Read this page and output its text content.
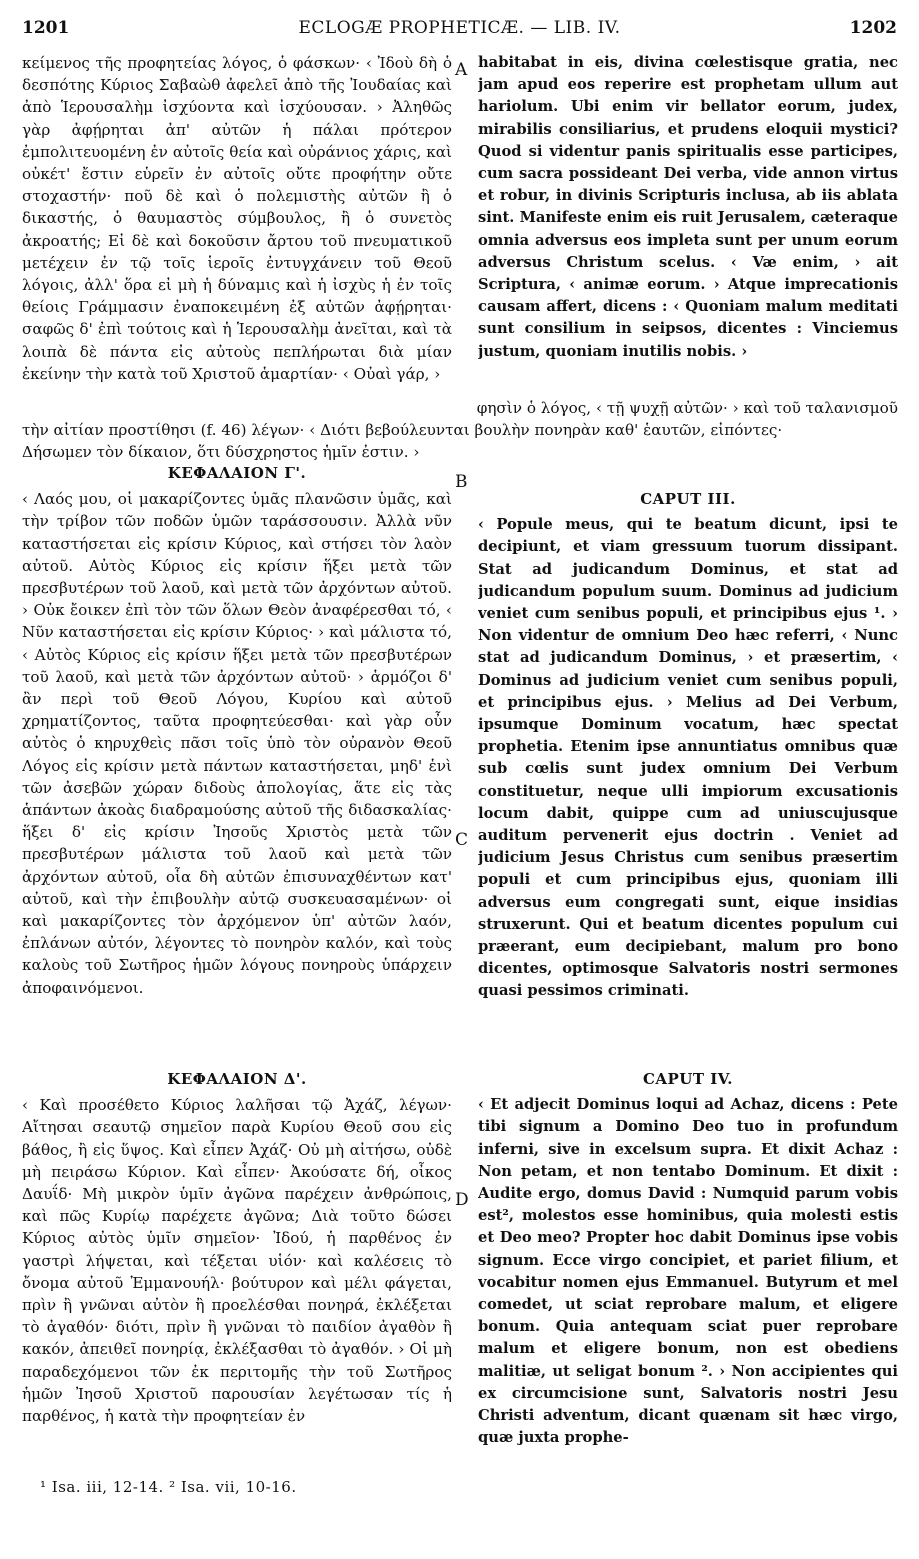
1201	ECLOGÆ PROPHETICÆ. — LIB. IV.	1202
A
B
C
D

κείμενος τῆς προφητείας λόγος, ὁ φάσκων· ‹ Ἰδοὺ δὴ ὁ δεσπότης Κύριος Σαβαὼθ ἀφελεῖ ἀπὸ τῆς Ἰουδαίας καὶ ἀπὸ Ἱερουσαλὴμ ἰσχύοντα καὶ ἰσχύουσαν. › Ἀληθῶς γὰρ ἀφῄρηται ἀπ' αὐτῶν ἡ πάλαι πρότερον ἐμπολιτευομένη ἐν αὐτοῖς θεία καὶ οὐράνιος χάρις, καὶ οὐκέτ' ἔστιν εὑρεῖν ἐν αὐτοῖς οὔτε προφήτην οὔτε στοχαστήν· ποῦ δὲ καὶ ὁ πολεμιστὴς αὐτῶν ἢ ὁ δικαστής, ὁ θαυμαστὸς σύμβουλος, ἢ ὁ συνετὸς ἀκροατής; Εἰ δὲ καὶ δοκοῦσιν ἄρτου τοῦ πνευματικοῦ μετέχειν ἐν τῷ τοῖς ἱεροῖς ἐντυγχάνειν τοῦ Θεοῦ λόγοις, ἀλλ' ὅρα εἰ μὴ ἡ δύναμις καὶ ἡ ἰσχὺς ἡ ἐν τοῖς θείοις Γράμμασιν ἐναποκειμένη ἐξ αὐτῶν ἀφῄρηται· σαφῶς δ' ἐπὶ τούτοις καὶ ἡ Ἱερουσαλὴμ ἀνεῖται, καὶ τὰ λοιπὰ δὲ πάντα εἰς αὐτοὺς πεπλήρωται διὰ μίαν ἐκείνην τὴν κατὰ τοῦ Χριστοῦ ἁμαρτίαν· ‹ Οὐαὶ γάρ, ›

habitabat in eis, divina cœlestisque gratia, nec jam apud eos reperire est prophetam ullum aut hariolum. Ubi enim vir bellator eorum, judex, mirabilis consiliarius, et prudens eloquii mystici? Quod si videntur panis spiritualis esse participes, cum sacra possideant Dei verba, vide annon virtus et robur, in divinis Scripturis inclusa, ab iis ablata sint. Manifeste enim eis ruit Jerusalem, cæteraque omnia adversus eos impleta sunt per unum eorum adversus Christum scelus. ‹ Væ enim, › ait Scriptura, ‹ animæ eorum. › Atque imprecationis causam affert, dicens : ‹ Quoniam malum meditati sunt consilium in seipsos, dicentes : Vinciemus justum, quoniam inutilis nobis. ›

φησὶν ὁ λόγος, ‹ τῇ ψυχῇ αὐτῶν· › καὶ τοῦ ταλανισμοῦ

τὴν αἰτίαν προστίθησι (f. 46) λέγων· ‹ Διότι βεβούλευνται βουλὴν πονηρὰν καθ' ἑαυτῶν, εἰπόντες·

Δήσωμεν τὸν δίκαιον, ὅτι δύσχρηστος ἡμῖν ἐστιν. ›

ΚΕΦΑΛΑΙΟΝ Γ'.

‹ Λαός μου, οἱ μακαρίζοντες ὑμᾶς πλανῶσιν ὑμᾶς, καὶ τὴν τρίβον τῶν ποδῶν ὑμῶν ταράσσουσιν. Ἀλλὰ νῦν καταστήσεται εἰς κρίσιν Κύριος, καὶ στήσει τὸν λαὸν αὐτοῦ. Αὐτὸς Κύριος εἰς κρίσιν ἥξει μετὰ τῶν πρεσβυτέρων τοῦ λαοῦ, καὶ μετὰ τῶν ἀρχόντων αὐτοῦ. › Οὐκ ἔοικεν ἐπὶ τὸν τῶν ὅλων Θεὸν ἀναφέρεσθαι τό, ‹ Νῦν καταστήσεται εἰς κρίσιν Κύριος· › καὶ μάλιστα τό, ‹ Αὐτὸς Κύριος εἰς κρίσιν ἥξει μετὰ τῶν πρεσβυτέρων τοῦ λαοῦ, καὶ μετὰ τῶν ἀρχόντων αὐτοῦ· › ἁρμόζοι δ' ἂν περὶ τοῦ Θεοῦ Λόγου, Κυρίου καὶ αὐτοῦ χρηματίζοντος, ταῦτα προφητεύεσθαι· καὶ γὰρ οὖν αὐτὸς ὁ κηρυχθεὶς πᾶσι τοῖς ὑπὸ τὸν οὐρανὸν Θεοῦ Λόγος εἰς κρίσιν μετὰ πάντων καταστήσεται, μηδ' ἑνὶ τῶν ἀσεβῶν χώραν διδοὺς ἀπολογίας, ἅτε εἰς τὰς ἁπάντων ἀκοὰς διαδραμούσης αὐτοῦ τῆς διδασκαλίας· ἥξει δ' εἰς κρίσιν Ἰησοῦς Χριστὸς μετὰ τῶν πρεσβυτέρων μάλιστα τοῦ λαοῦ καὶ μετὰ τῶν ἀρχόντων αὐτοῦ, οἷα δὴ αὐτῶν ἐπισυναχθέντων κατ' αὐτοῦ, καὶ τὴν ἐπιβουλὴν αὐτῷ συσκευασαμένων· οἱ καὶ μακαρίζοντες τὸν ἀρχόμενον ὑπ' αὐτῶν λαόν, ἐπλάνων αὐτόν, λέγοντες τὸ πονηρὸν καλόν, καὶ τοὺς καλοὺς τοῦ Σωτῆρος ἡμῶν λόγους πονηροὺς ὑπάρχειν ἀποφαινόμενοι.

CAPUT III.

‹ Popule meus, qui te beatum dicunt, ipsi te decipiunt, et viam gressuum tuorum dissipant. Stat ad judicandum Dominus, et stat ad judicandum populum suum. Dominus ad judicium veniet cum senibus populi, et principibus ejus ¹. › Non videntur de omnium Deo hæc referri, ‹ Nunc stat ad judicandum Dominus, › et præsertim, ‹ Dominus ad judicium veniet cum senibus populi, et principibus ejus. › Melius ad Dei Verbum, ipsumque Dominum vocatum, hæc spectat prophetia. Etenim ipse annuntiatus omnibus quæ sub cœlis sunt judex omnium Dei Verbum constituetur, neque ulli impiorum excusationis locum dabit, quippe cum ad uniuscujusque auditum pervenerit ejus doctrin . Veniet ad judicium Jesus Christus cum senibus præsertim populi et cum principibus ejus, quoniam illi adversus eum congregati sunt, eique insidias struxerunt. Qui et beatum dicentes populum cui præerant, eum decipiebant, malum pro bono dicentes, optimosque Salvatoris nostri sermones quasi pessimos criminati.

ΚΕΦΑΛΑΙΟΝ Δ'.

‹ Καὶ προσέθετο Κύριος λαλῆσαι τῷ Ἀχάζ, λέγων· Αἴτησαι σεαυτῷ σημεῖον παρὰ Κυρίου Θεοῦ σου εἰς βάθος, ἢ εἰς ὕψος. Καὶ εἶπεν Ἀχάζ· Οὐ μὴ αἰτήσω, οὐδὲ μὴ πειράσω Κύριον. Καὶ εἶπεν· Ἀκούσατε δή, οἶκος Δαυΐδ· Μὴ μικρὸν ὑμῖν ἀγῶνα παρέχειν ἀνθρώποις, καὶ πῶς Κυρίῳ παρέχετε ἀγῶνα; Διὰ τοῦτο δώσει Κύριος αὐτὸς ὑμῖν σημεῖον· Ἰδού, ἡ παρθένος ἐν γαστρὶ λήψεται, καὶ τέξεται υἱόν· καὶ καλέσεις τὸ ὄνομα αὐτοῦ Ἐμμανουήλ· βούτυρον καὶ μέλι φάγεται, πρὶν ἢ γνῶναι αὐτὸν ἢ προελέσθαι πονηρά, ἐκλέξεται τὸ ἀγαθόν· διότι, πρὶν ἢ γνῶναι τὸ παιδίον ἀγαθὸν ἢ κακόν, ἀπειθεῖ πονηρίᾳ, ἐκλέξασθαι τὸ ἀγαθόν. › Οἱ μὴ παραδεχόμενοι τῶν ἐκ περιτομῆς τὴν τοῦ Σωτῆρος ἡμῶν Ἰησοῦ Χριστοῦ παρουσίαν λεγέτωσαν τίς ἡ παρθένος, ἡ κατὰ τὴν προφητείαν ἐν

CAPUT IV.

‹ Et adjecit Dominus loqui ad Achaz, dicens : Pete tibi signum a Domino Deo tuo in profundum inferni, sive in excelsum supra. Et dixit Achaz : Non petam, et non tentabo Dominum. Et dixit : Audite ergo, domus David : Numquid parum vobis est², molestos esse hominibus, quia molesti estis et Deo meo? Propter hoc dabit Dominus ipse vobis signum. Ecce virgo concipiet, et pariet filium, et vocabitur nomen ejus Emmanuel. Butyrum et mel comedet, ut sciat reprobare malum, et eligere bonum. Quia antequam sciat puer reprobare malum et eligere bonum, non est obediens malitiæ, ut seligat bonum ². › Non accipientes qui ex circumcisione sunt, Salvatoris nostri Jesu Christi adventum, dicant quænam sit hæc virgo, quæ juxta prophe-

¹ Isa. iii, 12-14. ² Isa. vii, 10-16.
